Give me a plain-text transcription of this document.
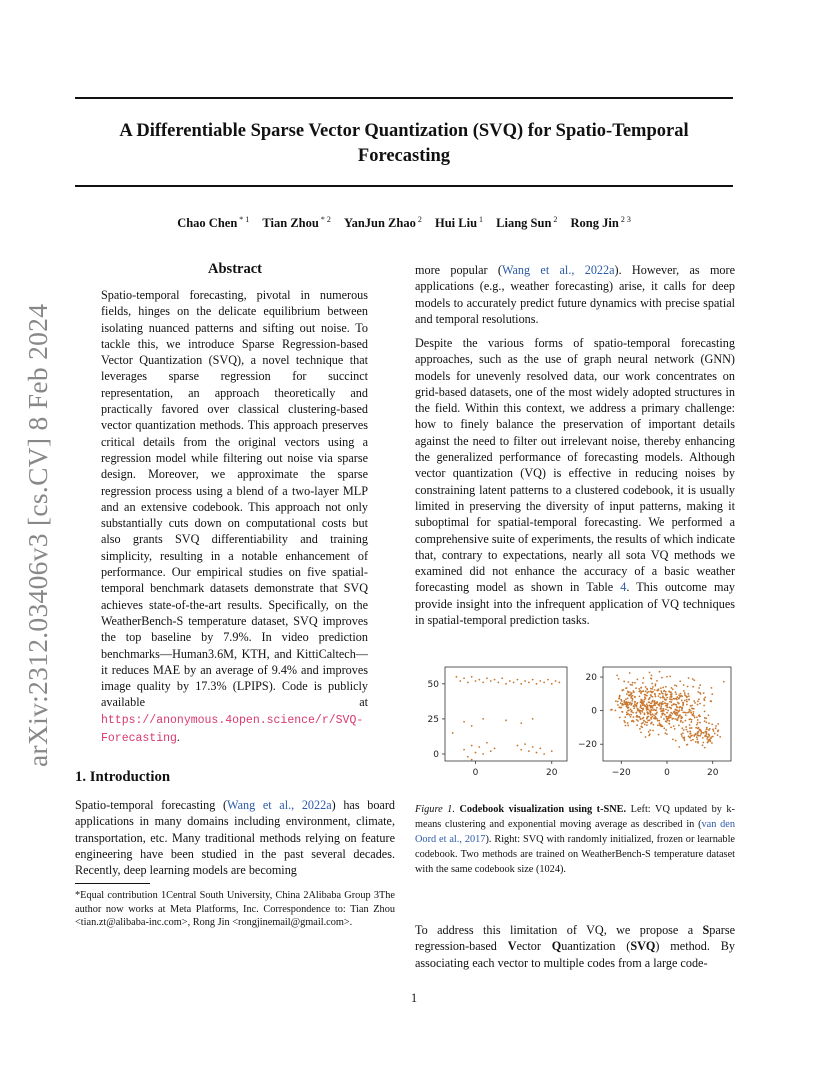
A Differentiable Sparse Vector Quantization (SVQ) for Spatio-Temporal Forecasting
Chao Chen $^{* 1}$ Tian Zhou $^{* 2}$ YanJun Zhao $^2$ Hui Liu $^1$ Liang Sun $^2$ Rong Jin $^{2 3}$
arXiv:2312.03406v3 [cs.CV] 8 Feb 2024
Abstract

Spatio-temporal forecasting, pivotal in numerous fields, hinges on the delicate equilibrium between isolating nuanced patterns and sifting out noise. To tackle this, we introduce Sparse Regression-based Vector Quantization (SVQ), a novel technique that leverages sparse regression for succinct representation, an approach theoretically and practically favored over classical clustering-based vector quantization methods. This approach preserves critical details from the original vectors using a regression model while filtering out noise via sparse design. Moreover, we approximate the sparse regression process using a blend of a two-layer MLP and an extensive codebook. This approach not only substantially cuts down on computational costs but also grants SVQ differentiability and training simplicity, resulting in a notable enhancement of performance. Our empirical studies on five spatial-temporal benchmark datasets demonstrate that SVQ achieves state-of-the-art results. Specifically, on the WeatherBench-S temperature dataset, SVQ improves the top baseline by 7.9%. In video prediction benchmarks—Human3.6M, KTH, and KittiCaltech—it reduces MAE by an average of 9.4% and improves image quality by 17.3% (LPIPS). Code is publicly available at https://anonymous.4open.science/r/SVQ-Forecasting.

1. Introduction

Spatio-temporal forecasting (Wang et al., 2022a) has board applications in many domains including environment, climate, transportation, etc. Many traditional methods relying on feature engineering have been studied in the past several decades. Recently, deep learning models are becoming

*Equal contribution 1Central South University, China 2Alibaba Group 3The author now works at Meta Platforms, Inc. Correspondence to: Tian Zhou <tian.zt@alibaba-inc.com>, Rong Jin <rongjinemail@gmail.com>.

more popular (Wang et al., 2022a). However, as more applications (e.g., weather forecasting) arise, it calls for deep models to accurately predict future dynamics with precise spatial and temporal resolutions.

Despite the various forms of spatio-temporal forecasting approaches, such as the use of graph neural network (GNN) models for unevenly resolved data, our work concentrates on grid-based datasets, one of the most widely adopted structures in the field. Within this context, we address a primary challenge: how to finely balance the preservation of important details against the need to filter out irrelevant noise, thereby enhancing the generalized performance of forecasting models. Although vector quantization (VQ) is effective in reducing noises by constraining latent patterns to a clustered codebook, it is usually limited in preserving the diversity of input patterns, making it suboptimal for spatial-temporal forecasting. We performed a comprehensive suite of experiments, the results of which indicate that, contrary to expectations, nearly all sota VQ methods we examined did not enhance the accuracy of a basic weather forecasting model as shown in Table 4. This outcome may provide insight into the infrequent application of VQ techniques in spatial-temporal prediction tasks.

50
25
0
0	20
20
0
−20
−20	0	20

Figure 1. Codebook visualization using t-SNE. Left: VQ updated by k-means clustering and exponential moving average as described in (van den Oord et al., 2017). Right: SVQ with randomly initialized, frozen or learnable codebook. Two methods are trained on WeatherBench-S temperature dataset with the same codebook size (1024).

To address this limitation of VQ, we propose a Sparse regression-based Vector Quantization (SVQ) method. By associating each vector to multiple codes from a large code-

1
